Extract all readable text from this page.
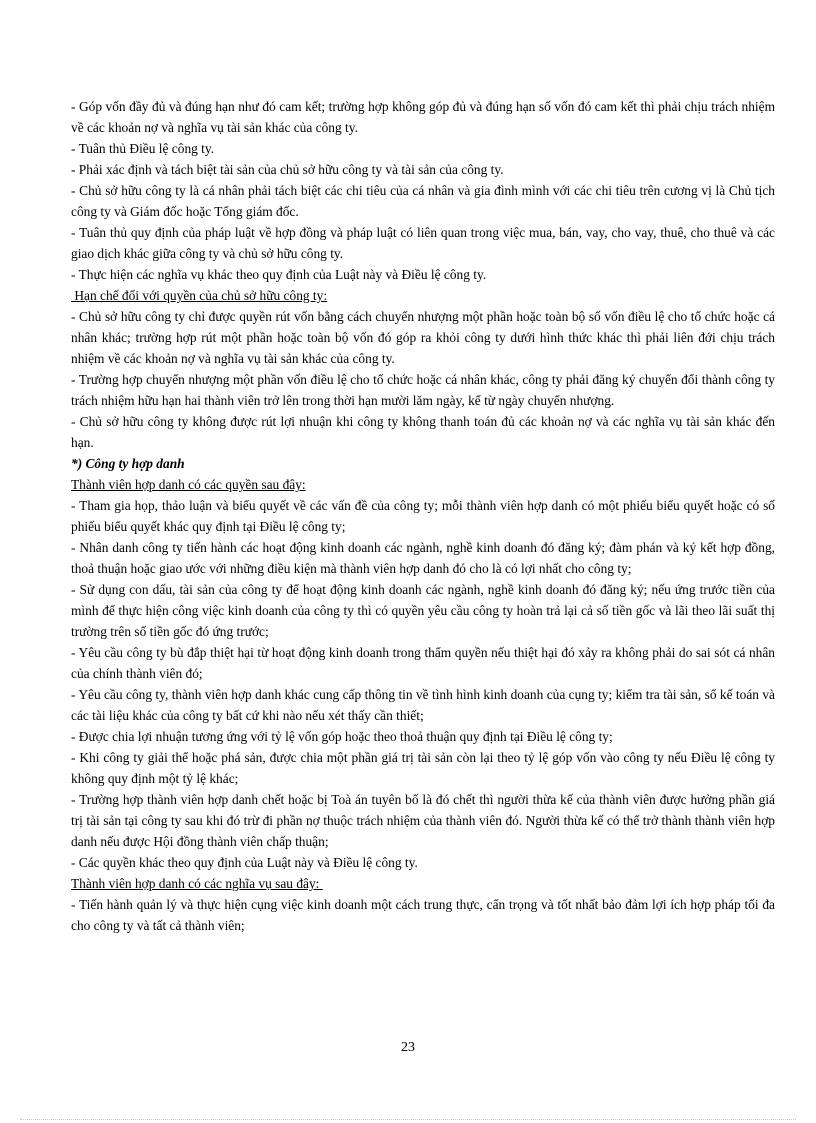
- Góp vốn đầy đủ và đúng hạn như đó cam kết; trường hợp không góp đủ và đúng hạn số vốn đó cam kết thì phải chịu trách nhiệm về các khoản nợ và nghĩa vụ tài sản khác của công ty.

- Tuân thủ Điều lệ công ty.

- Phải xác định và tách biệt tài sản của chủ sở hữu công ty và tài sản của công ty.

- Chủ sở hữu công ty là cá nhân phải tách biệt các chi tiêu của cá nhân và gia đình mình với các chi tiêu trên cương vị là Chủ tịch công ty và Giám đốc hoặc Tổng giám đốc.

- Tuân thủ quy định của pháp luật về hợp đồng và pháp luật có liên quan trong việc mua, bán, vay, cho vay, thuê, cho thuê và các giao dịch khác giữa công ty và chủ sở hữu công ty.

- Thực hiện các nghĩa vụ khác theo quy định của Luật này và Điều lệ công ty.

Hạn chế đối với quyền của chủ sở hữu công ty:

- Chủ sở hữu công ty chỉ được quyền rút vốn bằng cách chuyển nhượng một phần hoặc toàn bộ số vốn điều lệ cho tổ chức hoặc cá nhân khác; trường hợp rút một phần hoặc toàn bộ vốn đó góp ra khỏi công ty dưới hình thức khác thì phải liên đới chịu trách nhiệm về các khoản nợ và nghĩa vụ tài sản khác của công ty.

- Trường hợp chuyển nhượng một phần vốn điều lệ cho tổ chức hoặc cá nhân khác, công ty phải đăng ký chuyển đổi thành công ty trách nhiệm hữu hạn hai thành viên trở lên trong thời hạn mười lăm ngày, kể từ ngày chuyển nhượng.

- Chủ sở hữu công ty không được rút lợi nhuận khi công ty không thanh toán đủ các khoản nợ và các nghĩa vụ tài sản khác đến hạn.

*) Công ty hợp danh

Thành viên hợp danh có các quyền sau đây:

- Tham gia họp, thảo luận và biểu quyết về các vấn đề của công ty; mỗi thành viên hợp danh có một phiếu biểu quyết hoặc có số phiếu biểu quyết khác quy định tại Điều lệ công ty;

- Nhân danh công ty tiến hành các hoạt động kinh doanh các ngành, nghề kinh doanh đó đăng ký; đàm phán và ký kết hợp đồng, thoả thuận hoặc giao ước với những điều kiện mà thành viên hợp danh đó cho là có lợi nhất cho công ty;

- Sử dụng con dấu, tài sản của công ty để hoạt động kinh doanh các ngành, nghề kinh doanh đó đăng ký; nếu ứng trước tiền của mình để thực hiện công việc kinh doanh của công ty thì có quyền yêu cầu công ty hoàn trả lại cả số tiền gốc và lãi theo lãi suất thị trường trên số tiền gốc đó ứng trước;

- Yêu cầu công ty bù đắp thiệt hại từ hoạt động kinh doanh trong thẩm quyền nếu thiệt hại đó xảy ra không phải do sai sót cá nhân của chính thành viên đó;

- Yêu cầu công ty, thành viên hợp danh khác cung cấp thông tin về tình hình kinh doanh của cụng ty; kiểm tra tài sản, sổ kế toán và các tài liệu khác của công ty bất cứ khi nào nếu xét thấy cần thiết;

- Được chia lợi nhuận tương ứng với tỷ lệ vốn góp hoặc theo thoả thuận quy định tại Điều lệ công ty;

- Khi công ty giải thể hoặc phá sản, được chia một phần giá trị tài sản còn lại theo tỷ lệ góp vốn vào công ty nếu Điều lệ công ty không quy định một tỷ lệ khác;

- Trường hợp thành viên hợp danh chết hoặc bị Toà án tuyên bố là đó chết thì người thừa kế của thành viên được hưởng phần giá trị tài sản tại công ty sau khi đó trừ đi phần nợ thuộc trách nhiệm của thành viên đó. Người thừa kế có thể trở thành thành viên hợp danh nếu được Hội đồng thành viên chấp thuận;

- Các quyền khác theo quy định của Luật này và Điều lệ công ty.

Thành viên hợp danh có các nghĩa vụ sau đây:

- Tiến hành quản lý và thực hiện cụng việc kinh doanh một cách trung thực, cẩn trọng và tốt nhất bảo đảm lợi ích hợp pháp tối đa cho công ty và tất cả thành viên;

23
